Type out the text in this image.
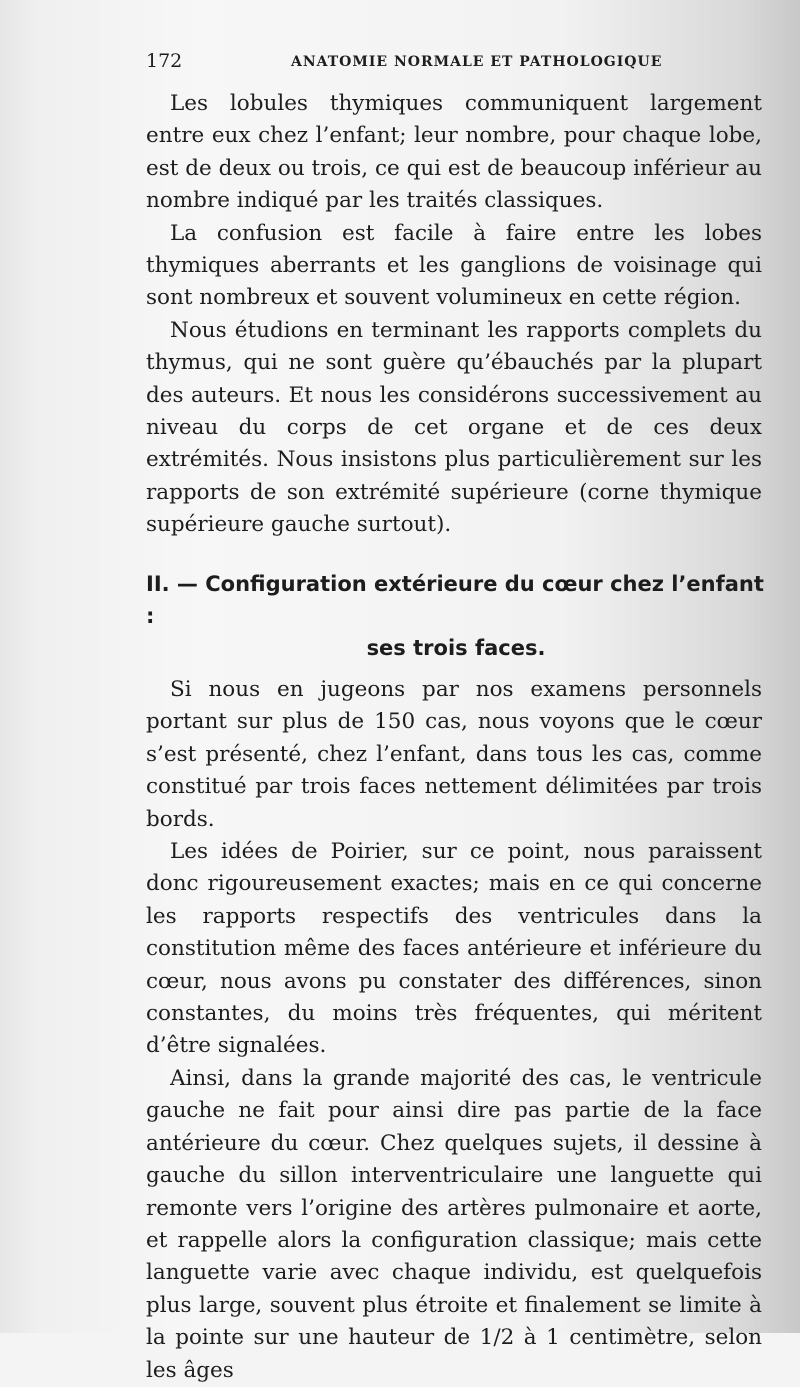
172	ANATOMIE NORMALE ET PATHOLOGIQUE

Les lobules thymiques communiquent largement entre eux chez l’enfant; leur nombre, pour chaque lobe, est de deux ou trois, ce qui est de beaucoup inférieur au nombre indiqué par les traités classiques.

La confusion est facile à faire entre les lobes thymiques aberrants et les ganglions de voisinage qui sont nombreux et souvent volumineux en cette région.

Nous étudions en terminant les rapports complets du thymus, qui ne sont guère qu’ébauchés par la plupart des auteurs. Et nous les considérons successivement au niveau du corps de cet organe et de ces deux extrémités. Nous insistons plus particulièrement sur les rapports de son extrémité supérieure (corne thymique supérieure gauche surtout).

II. — Configuration extérieure du cœur chez l’enfant :
ses trois faces.

Si nous en jugeons par nos examens personnels portant sur plus de 150 cas, nous voyons que le cœur s’est présenté, chez l’enfant, dans tous les cas, comme constitué par trois faces nettement délimitées par trois bords.

Les idées de Poirier, sur ce point, nous paraissent donc rigoureusement exactes; mais en ce qui concerne les rapports respectifs des ventricules dans la constitution même des faces antérieure et inférieure du cœur, nous avons pu constater des différences, sinon constantes, du moins très fréquentes, qui méritent d’être signalées.

Ainsi, dans la grande majorité des cas, le ventricule gauche ne fait pour ainsi dire pas partie de la face antérieure du cœur. Chez quelques sujets, il dessine à gauche du sillon interventriculaire une languette qui remonte vers l’origine des artères pulmonaire et aorte, et rappelle alors la configuration classique; mais cette languette varie avec chaque individu, est quelquefois plus large, souvent plus étroite et finalement se limite à la pointe sur une hauteur de 1/2 à 1 centimètre, selon les âges
